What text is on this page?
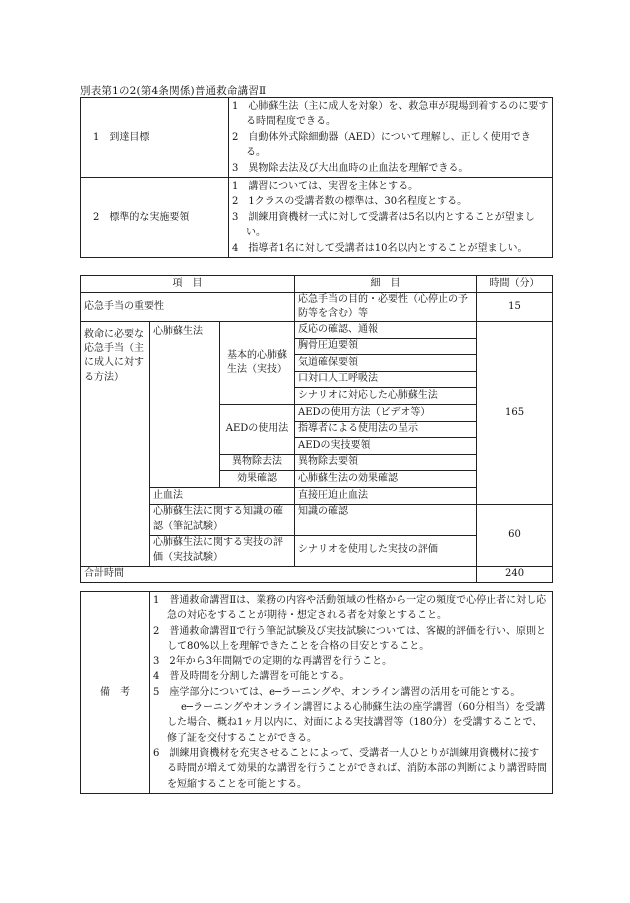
別表第1の2(第4条関係)普通救命講習Ⅱ
1　到達目標	1　心肺蘇生法（主に成人を対象）を、救急車が現場到着するのに要する時間程度できる。
2　自動体外式除細動器（AED）について理解し、正しく使用できる。
3　異物除去法及び大出血時の止血法を理解できる。

2　標準的な実施要領	1　講習については、実習を主体とする。
2　1クラスの受講者数の標準は、30名程度とする。
3　訓練用資機材一式に対して受講者は5名以内とすることが望ましい。
4　指導者1名に対して受講者は10名以内とすることが望ましい。
項　目			細　目	時間（分）
応急手当の重要性			応急手当の目的・必要性（心停止の予防等を含む）等	15
救命に必要な応急手当（主に成人に対する方法）	心肺蘇生法	基本的心肺蘇生法（実技）	反応の確認、通報	165
			胸骨圧迫要領	
			気道確保要領	
			口対口人工呼吸法	
			シナリオに対応した心肺蘇生法	
		AEDの使用法	AEDの使用方法（ビデオ等）	
			指導者による使用法の呈示	
			AEDの実技要領	
		異物除去法	異物除去要領	
		効果確認	心肺蘇生法の効果確認	
	止血法		直接圧迫止血法	
	心肺蘇生法に関する知識の確認（筆記試験）		知識の確認	60
	心肺蘇生法に関する実技の評価（実技試験）		シナリオを使用した実技の評価	
合計時間				240
備　考	
1　普通救命講習Ⅱは、業務の内容や活動領域の性格から一定の頻度で心停止者に対し応急の対応をすることが期待・想定される者を対象とすること。
2　普通救命講習Ⅱで行う筆記試験及び実技試験については、客観的評価を行い、原則として80%以上を理解できたことを合格の目安とすること。
3　2年から3年間隔での定期的な再講習を行うこと。
4　普及時間を分割した講習を可能とする。
5　座学部分については、e─ラーニングや、オンライン講習の活用を可能とする。
e─ラーニングやオンライン講習による心肺蘇生法の座学講習（60分相当）を受講した場合、概ね1ヶ月以内に、対面による実技講習等（180分）を受講することで、修了証を交付することができる。
6　訓練用資機材を充実させることによって、受講者一人ひとりが訓練用資機材に接する時間が増えて効果的な講習を行うことができれば、消防本部の判断により講習時間を短縮することを可能とする。
